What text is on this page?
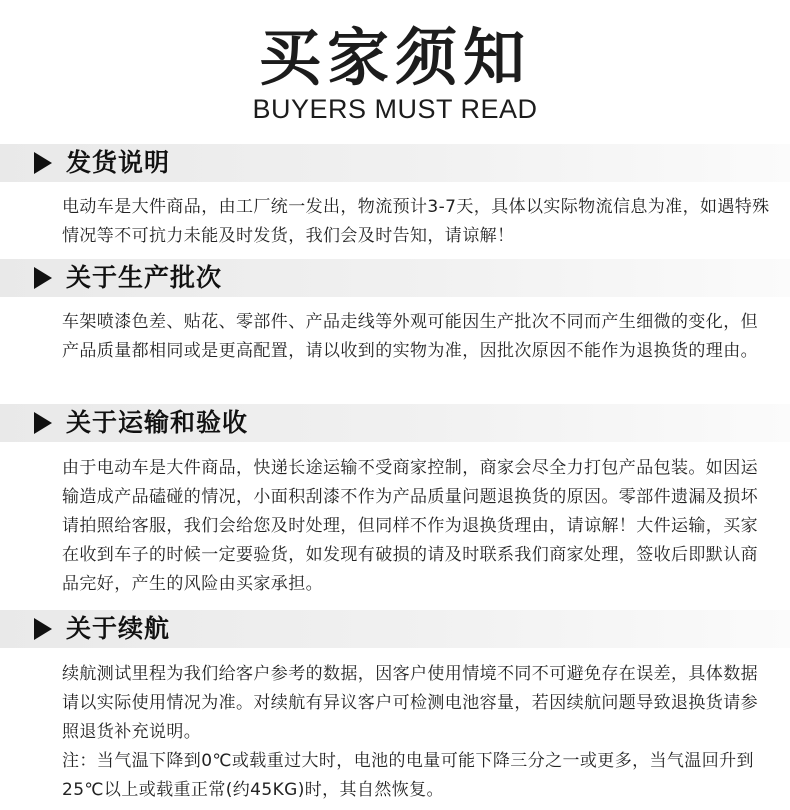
买家须知
BUYERS MUST READ
发货说明

电动车是大件商品，由工厂统一发出，物流预计3-7天，具体以实际物流信息为准，如遇特殊情况等不可抗力未能及时发货，我们会及时告知，请谅解！

关于生产批次

车架喷漆色差、贴花、零部件、产品走线等外观可能因生产批次不同而产生细微的变化，但产品质量都相同或是更高配置，请以收到的实物为准，因批次原因不能作为退换货的理由。

关于运输和验收

由于电动车是大件商品，快递长途运输不受商家控制，商家会尽全力打包产品包装。如因运输造成产品磕碰的情况，小面积刮漆不作为产品质量问题退换货的原因。零部件遗漏及损坏请拍照给客服，我们会给您及时处理，但同样不作为退换货理由，请谅解！大件运输，买家在收到车子的时候一定要验货，如发现有破损的请及时联系我们商家处理，签收后即默认商品完好，产生的风险由买家承担。

关于续航

续航测试里程为我们给客户参考的数据，因客户使用情境不同不可避免存在误差，具体数据请以实际使用情况为准。对续航有异议客户可检测电池容量，若因续航问题导致退换货请参照退货补充说明。

注：当气温下降到0℃或载重过大时，电池的电量可能下降三分之一或更多，当气温回升到25℃以上或载重正常(约45KG)时，其自然恢复。
